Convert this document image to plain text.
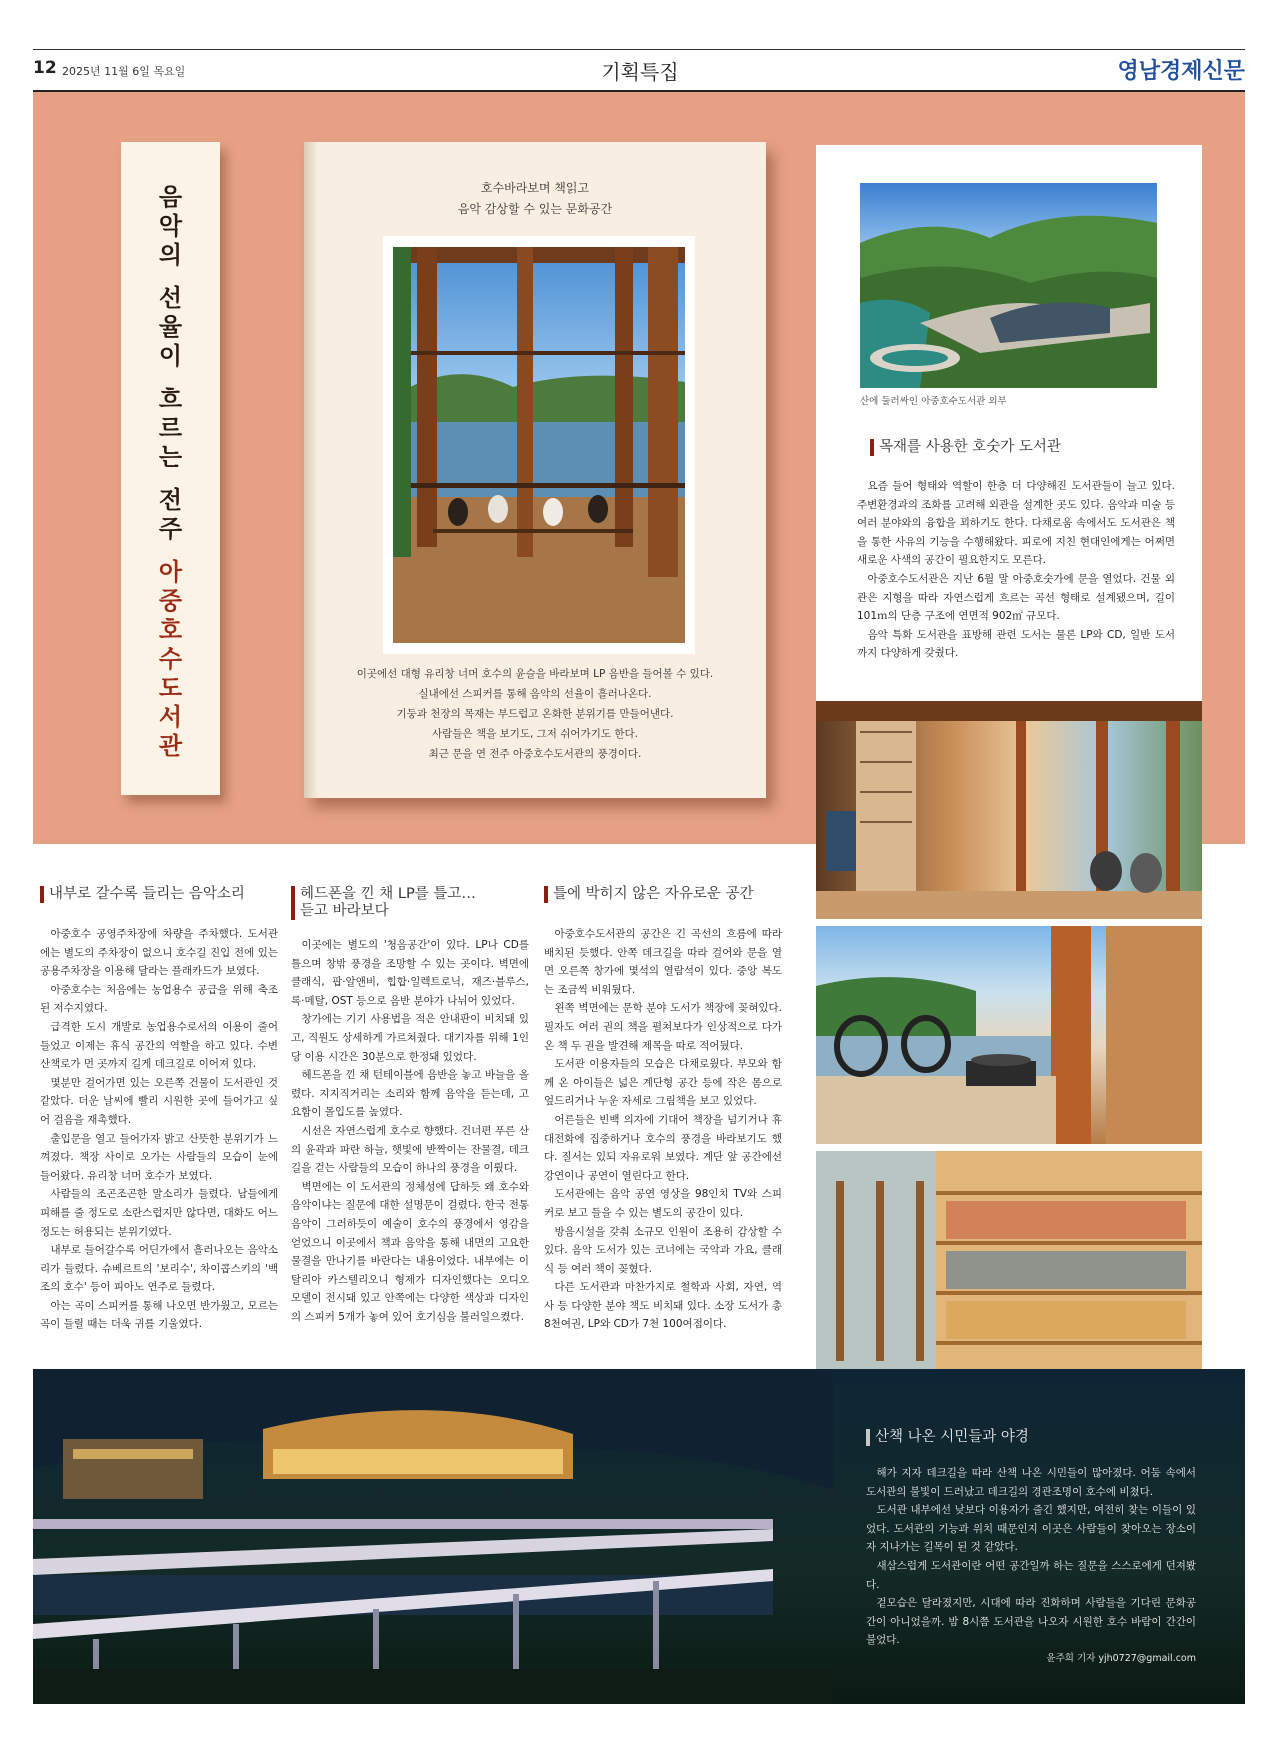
12 2025년 11월 6일 목요일	기획특집	영남경제신문
음악의
선율이
흐르는
전주
아중호수도서관
호수바라보며 책읽고
음악 감상할 수 있는 문화공간
이곳에선 대형 유리창 너머 호수의 윤슬을 바라보며 LP 음반을 들어볼 수 있다.
실내에선 스피커를 통해 음악의 선율이 흘러나온다.
기둥과 천장의 목재는 부드럽고 온화한 분위기를 만들어낸다.
사람들은 책을 보기도, 그저 쉬어가기도 한다.
최근 문을 연 전주 아중호수도서관의 풍경이다.
산에 둘러싸인 아중호수도서관 외부
목재를 사용한 호숫가 도서관

요즘 들어 형태와 역할이 한층 더 다양해진 도서관들이 늘고 있다. 주변환경과의 조화를 고려해 외관을 설계한 곳도 있다. 음악과 미술 등 여러 분야와의 융합을 꾀하기도 한다. 다채로움 속에서도 도서관은 책을 통한 사유의 기능을 수행해왔다. 피로에 지친 현대인에게는 어쩌면 새로운 사색의 공간이 필요한지도 모른다.

아중호수도서관은 지난 6월 말 아중호숫가에 문을 열었다. 건물 외관은 지형을 따라 자연스럽게 흐르는 곡선 형태로 설계됐으며, 길이 101ｍ의 단층 구조에 연면적 902㎡ 규모다.

음악 특화 도서관을 표방해 관련 도서는 물론 LP와 CD, 일반 도서까지 다양하게 갖췄다.

내부로 갈수록 들리는 음악소리

아중호수 공영주차장에 차량을 주차했다. 도서관에는 별도의 주차장이 없으니 호수길 진입 전에 있는 공용주차장을 이용해 달라는 플래카드가 보였다.

아중호수는 처음에는 농업용수 공급을 위해 축조된 저수지였다.

급격한 도시 개발로 농업용수로서의 이용이 줄어들었고 이제는 휴식 공간의 역할을 하고 있다. 수변 산책로가 먼 곳까지 길게 데크길로 이어져 있다.

몇분만 걸어가면 있는 오른쪽 건물이 도서관인 것 같았다. 더운 날씨에 빨리 시원한 곳에 들어가고 싶어 걸음을 재촉했다.

출입문을 열고 들어가자 밝고 산뜻한 분위기가 느껴졌다. 책장 사이로 오가는 사람들의 모습이 눈에 들어왔다. 유리창 너머 호수가 보였다.

사람들의 조곤조곤한 말소리가 들렸다. 남들에게 피해를 줄 정도로 소란스럽지만 않다면, 대화도 어느 정도는 허용되는 분위기였다.

내부로 들어갈수록 어딘가에서 흘러나오는 음악소리가 들렸다. 슈베르트의 '보리수', 차이콥스키의 '백조의 호수' 등이 피아노 연주로 들렸다.

아는 곡이 스피커를 통해 나오면 반가웠고, 모르는 곡이 들릴 때는 더욱 귀를 기울였다.

헤드폰을 낀 채 LP를 틀고…
듣고 바라보다

이곳에는 별도의 '청음공간'이 있다. LP나 CD를 틀으며 창밖 풍경을 조망할 수 있는 곳이다. 벽면에 클래식, 팝·알앤비, 힙합·일렉트로닉, 재즈·블루스, 록·메탈, OST 등으로 음반 분야가 나뉘어 있었다.

창가에는 기기 사용법을 적은 안내판이 비치돼 있고, 직원도 상세하게 가르쳐줬다. 대기자를 위해 1인당 이용 시간은 30분으로 한정돼 있었다.

헤드폰을 낀 채 턴테이블에 음반을 놓고 바늘을 올렸다. 지지직거리는 소리와 함께 음악을 듣는데, 고요함이 몰입도를 높였다.

시선은 자연스럽게 호수로 향했다. 건너편 푸른 산의 윤곽과 파란 하늘, 햇빛에 반짝이는 잔물결, 데크길을 걷는 사람들의 모습이 하나의 풍경을 이뤘다.

벽면에는 이 도서관의 정체성에 답하듯 왜 호수와 음악이냐는 질문에 대한 설명문이 걸렸다. 한국 전통음악이 그러하듯이 예술이 호수의 풍경에서 영감을 얻었으니 이곳에서 책과 음악을 통해 내면의 고요한 물결을 만나기를 바란다는 내용이었다. 내부에는 이탈리아 카스텔리오니 형제가 디자인했다는 오디오 모델이 전시돼 있고 안쪽에는 다양한 색상과 디자인의 스피커 5개가 놓여 있어 호기심을 불러일으켰다.

틀에 박히지 않은 자유로운 공간

아중호수도서관의 공간은 긴 곡선의 흐름에 따라 배치된 듯했다. 안쪽 데크길을 따라 걸어와 문을 열면 오른쪽 창가에 몇석의 열람석이 있다. 중앙 복도는 조금씩 비워뒀다.

왼쪽 벽면에는 문학 분야 도서가 책장에 꽂혀있다. 필자도 여러 권의 책을 펼쳐보다가 인상적으로 다가온 책 두 권을 발견해 제목을 따로 적어뒀다.

도서관 이용자들의 모습은 다채로웠다. 부모와 함께 온 아이들은 넓은 계단형 공간 등에 작은 몸으로 엎드리거나 누운 자세로 그림책을 보고 있었다.

어른들은 빈백 의자에 기대어 책장을 넘기거나 휴대전화에 집중하거나 호수의 풍경을 바라보기도 했다. 질서는 있되 자유로워 보였다. 계단 앞 공간에선 강연이나 공연이 열린다고 한다.

도서관에는 음악 공연 영상을 98인치 TV와 스피커로 보고 들을 수 있는 별도의 공간이 있다.

방음시설을 갖춰 소규모 인원이 조용히 감상할 수 있다. 음악 도서가 있는 코너에는 국악과 가요, 클래식 등 여러 책이 꽂혔다.

다른 도서관과 마찬가지로 철학과 사회, 자연, 역사 등 다양한 분야 책도 비치돼 있다. 소장 도서가 총 8천여권, LP와 CD가 7천 100여점이다.

산책 나온 시민들과 야경

해가 지자 데크길을 따라 산책 나온 시민들이 많아졌다. 어둠 속에서 도서관의 불빛이 드러났고 데크길의 경관조명이 호수에 비쳤다.

도서관 내부에선 낮보다 이용자가 줄긴 했지만, 여전히 찾는 이들이 있었다. 도서관의 기능과 위치 때문인지 이곳은 사람들이 찾아오는 장소이자 지나가는 길목이 된 것 같았다.

새삼스럽게 도서관이란 어떤 공간일까 하는 질문을 스스로에게 던져봤다.

겉모습은 달라졌지만, 시대에 따라 진화하며 사람들을 기다린 문화공간이 아니었을까. 밤 8시쯤 도서관을 나오자 시원한 호수 바람이 간간이 불었다.

윤주희 기자 yjh0727@gmail.com
